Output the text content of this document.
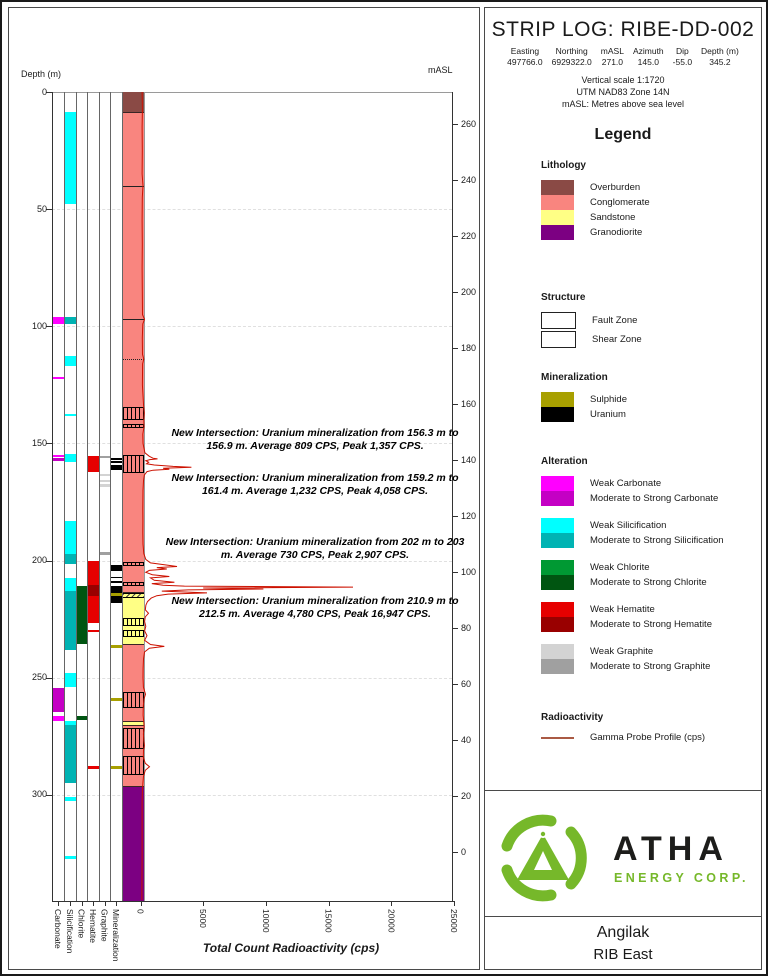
Depth (m)	mASL
0
50
100
150
200
250
300
260
240
220
200
180
160
140
120
100
80
60
40
20
0
Carbonate Silicification Chlorite Hematite Graphite Mineralization 0	5000	10000	15000	20000	25000
New Intersection: Uranium mineralization from 156.3 m to 156.9 m. Average 809 CPS, Peak 1,357 CPS.
New Intersection: Uranium mineralization from 159.2 m to 161.4 m. Average 1,232 CPS, Peak 4,058 CPS.
New Intersection: Uranium mineralization from 202 m to 203 m. Average 730 CPS, Peak 2,907 CPS.
New Intersection: Uranium mineralization from 210.9 m to 212.5 m. Average 4,780 CPS, Peak 16,947 CPS.
Total Count Radioactivity (cps)
STRIP LOG: RIBE-DD-002
Easting
497766.0
Northing
6929322.0
mASL
271.0
Azimuth
145.0
Dip
-55.0
Depth (m)
345.2
Vertical scale 1:1720
UTM NAD83 Zone 14N
mASL: Metres above sea level
Legend
Lithology
Overburden
Conglomerate
Sandstone
Granodiorite
Structure
Fault Zone
Shear Zone
Mineralization
Sulphide
Uranium
Alteration
Weak Carbonate
Moderate to Strong Carbonate
Weak Silicification
Moderate to Strong Silicification
Weak Chlorite
Moderate to Strong Chlorite
Weak Hematite
Moderate to Strong Hematite
Weak Graphite
Moderate to Strong Graphite
Radioactivity
Gamma Probe Profile (cps)
ATHA
ENERGY CORP.
Angilak
RIB East
